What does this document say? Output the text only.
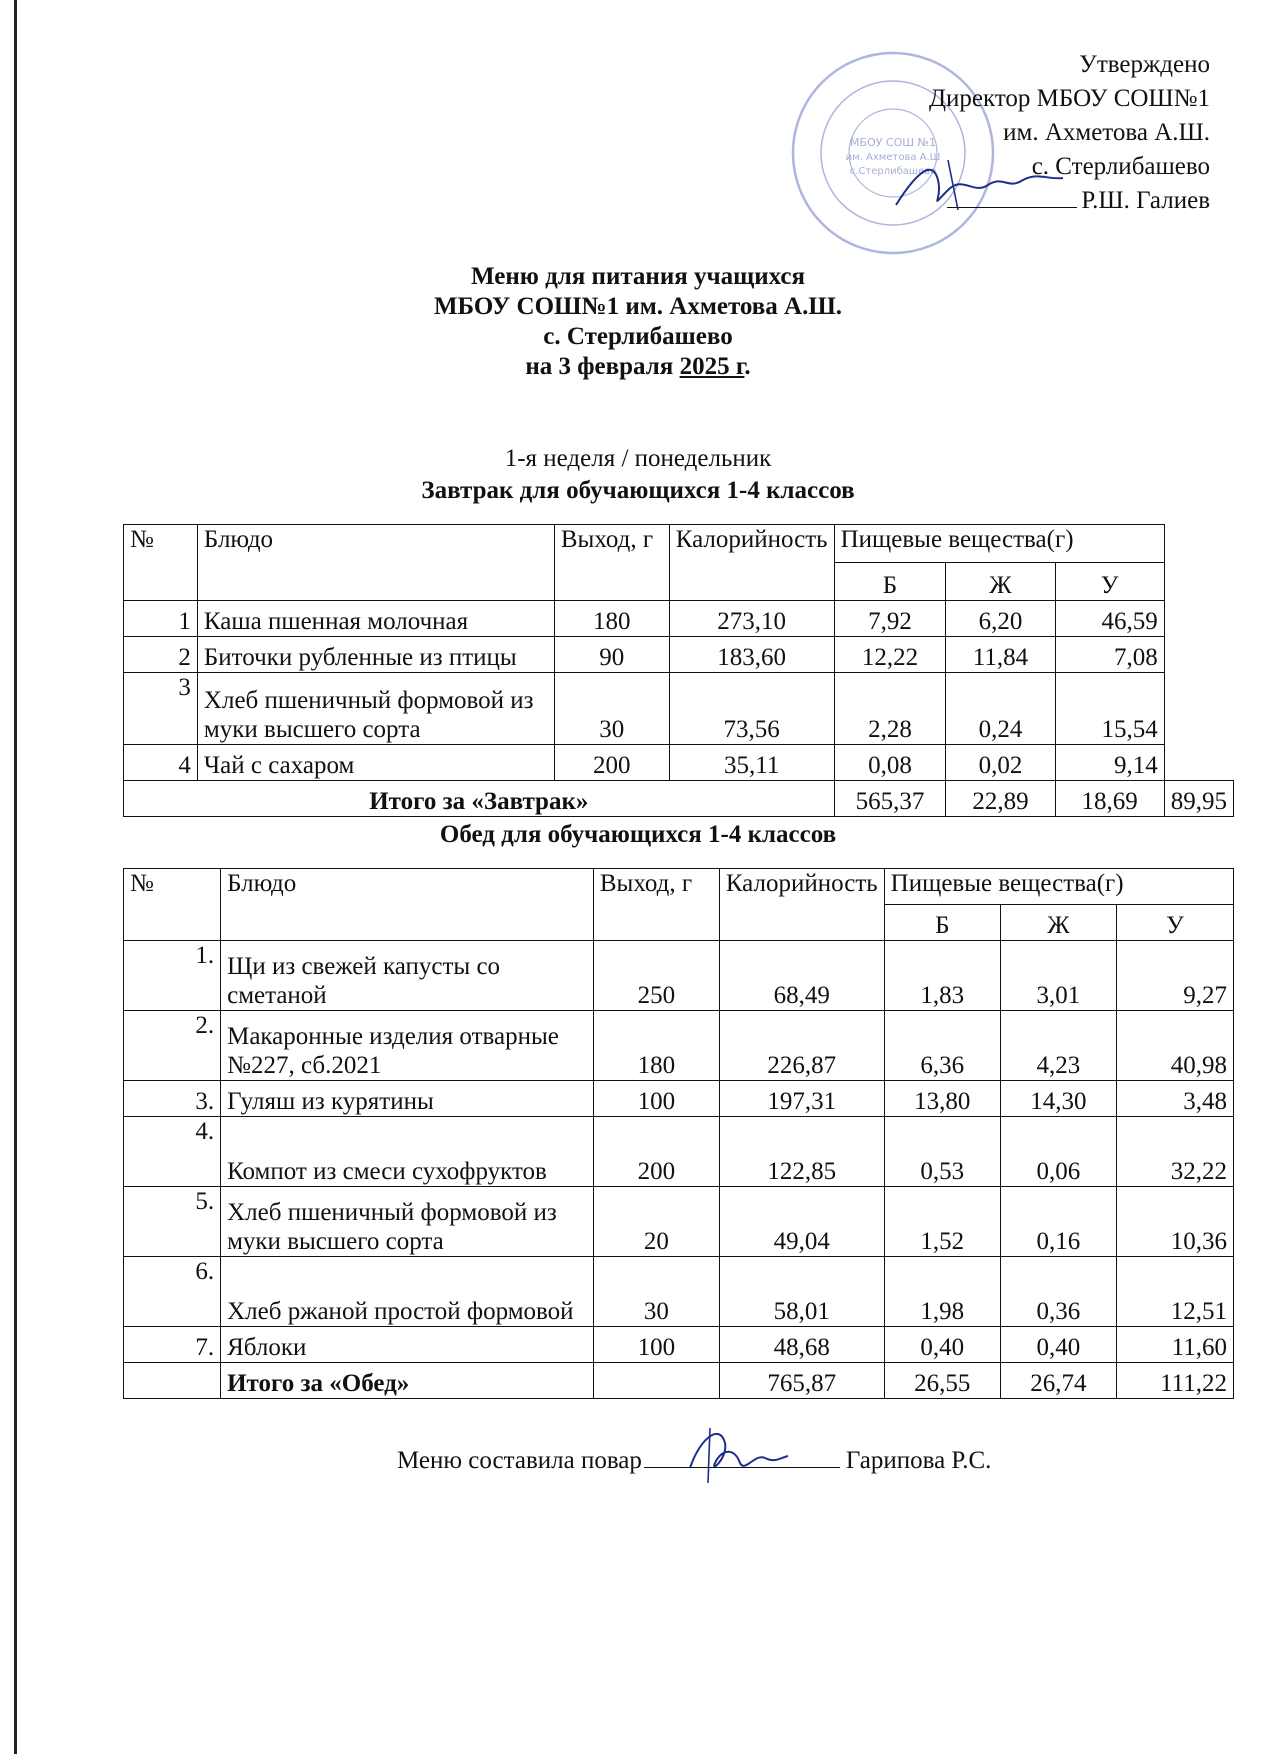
МБОУ СОШ №1
им. Ахметова А.Ш
с.Стерлибашево
Утверждено
Директор МБОУ СОШ№1
им. Ахметова А.Ш.
с. Стерлибашево
Р.Ш. Галиев
Меню для питания учащихся
МБОУ СОШ№1 им. Ахметова А.Ш.
с. Стерлибашево
на 3 февраля 2025 г.
1-я неделя / понедельник
Завтрак для обучающихся 1-4 классов
№	Блюдо	Выход, г	Калорийность	Пищевые вещества(г)			
				Б	Ж	У	
1	Каша пшенная молочная	180	273,10	7,92	6,20	46,59	
2	Биточки рубленные из птицы	90	183,60	12,22	11,84	7,08	
3	Хлеб пшеничный формовой из муки высшего сорта	30	73,56	2,28	0,24	15,54	
4	Чай с сахаром	200	35,11	0,08	0,02	9,14	
Итого за «Завтрак»				565,37	22,89	18,69	89,95
Обед для обучающихся 1-4 классов
№	Блюдо	Выход, г	Калорийность	Пищевые вещества(г)		
				Б	Ж	У
1.	Щи из свежей капусты со сметаной	250	68,49	1,83	3,01	9,27
2.	Макаронные изделия отварные №227, сб.2021	180	226,87	6,36	4,23	40,98
3.	Гуляш из курятины	100	197,31	13,80	14,30	3,48
4.	Компот из смеси сухофруктов	200	122,85	0,53	0,06	32,22
5.	Хлеб пшеничный формовой из муки высшего сорта	20	49,04	1,52	0,16	10,36
6.	Хлеб ржаной простой формовой	30	58,01	1,98	0,36	12,51
7.	Яблоки	100	48,68	0,40	0,40	11,60
	Итого за «Обед»		765,87	26,55	26,74	111,22
Меню составила повар	Гарипова Р.С.
